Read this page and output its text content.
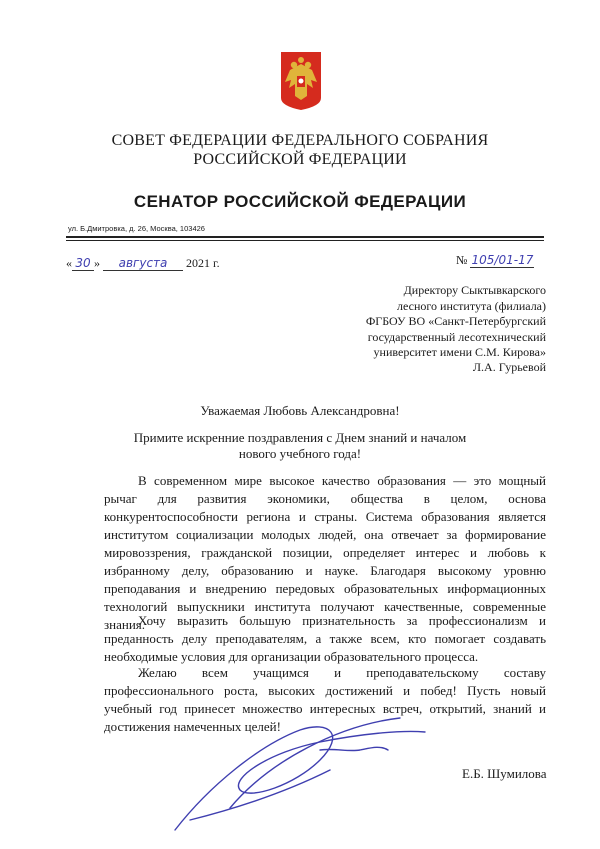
СОВЕТ ФЕДЕРАЦИИ ФЕДЕРАЛЬНОГО СОБРАНИЯ
РОССИЙСКОЙ ФЕДЕРАЦИИ
СЕНАТОР РОССИЙСКОЙ ФЕДЕРАЦИИ
ул. Б.Дмитровка, д. 26, Москва, 103426
« 30 » августа 2021 г.	№ 105/01-17
Директору Сыктывкарского
лесного института (филиала)
ФГБОУ ВО «Санкт-Петербургский
государственный лесотехнический
университет имени С.М. Кирова»
Л.А. Гурьевой
Уважаемая Любовь Александровна!
Примите искренние поздравления с Днем знаний и началом
нового учебного года!
В современном мире высокое качество образования — это мощный рычаг для развития экономики, общества в целом, основа конкурентоспособности региона и страны. Система образования является институтом социализации молодых людей, она отвечает за формирование мировоззрения, гражданской позиции, определяет интерес и любовь к избранному делу, образованию и науке. Благодаря высокому уровню преподавания и внедрению передовых образовательных информационных технологий выпускники института получают качественные, современные знания.
Хочу выразить большую признательность за профессионализм и преданность делу преподавателям, а также всем, кто помогает создавать необходимые условия для организации образовательного процесса.
Желаю всем учащимся и преподавательскому составу профессионального роста, высоких достижений и побед! Пусть новый учебный год принесет множество интересных встреч, открытий, знаний и достижения намеченных целей!
Е.Б. Шумилова
